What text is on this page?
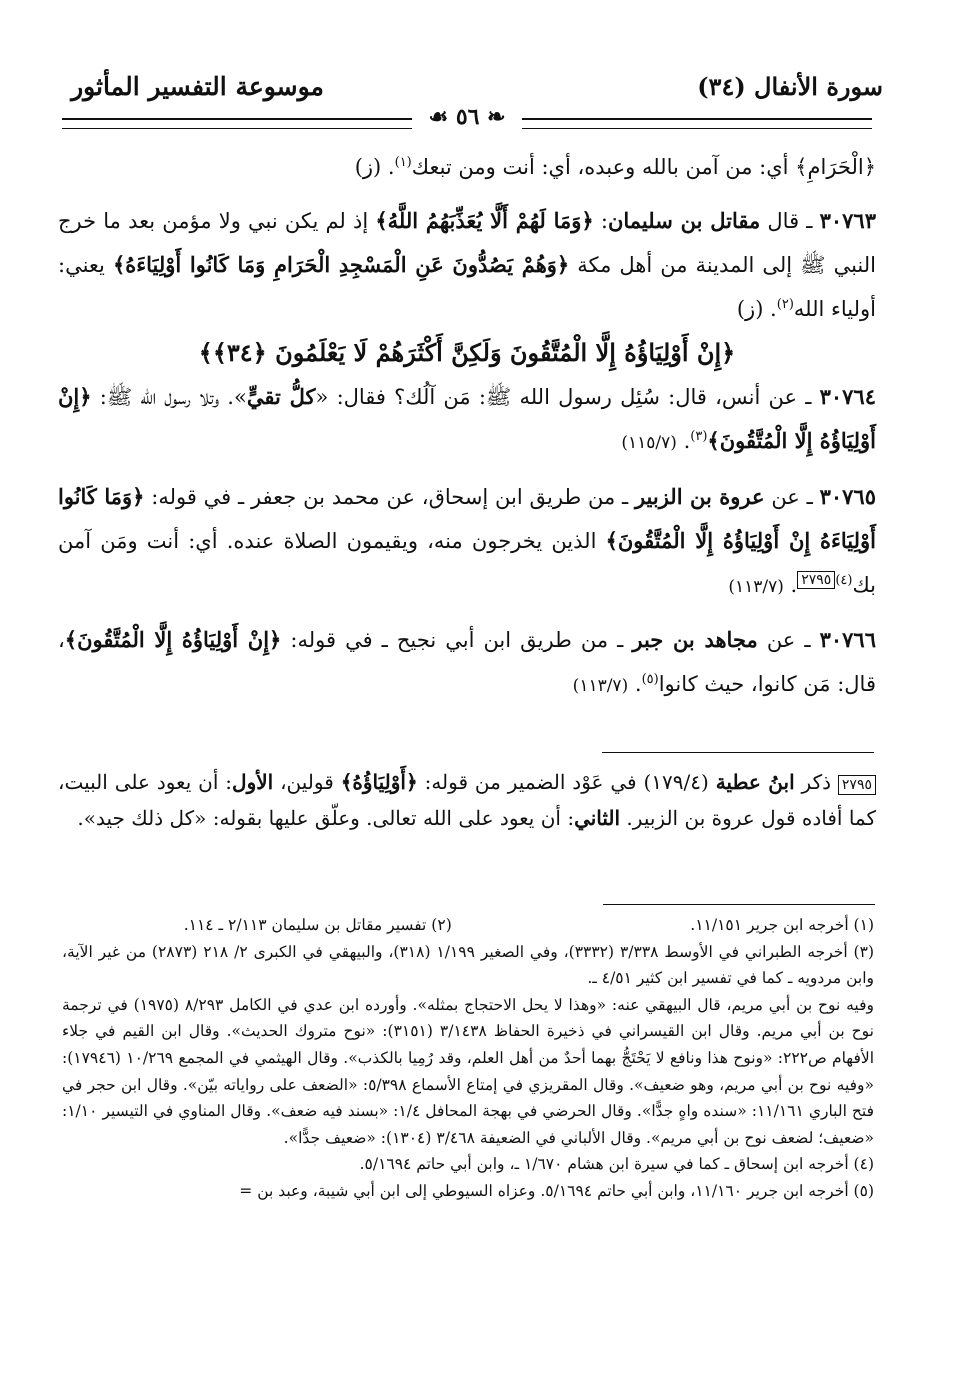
موسوعة التفسير المأثور	سورة الأنفال (٣٤)
❧ ٥٦ ☙

﴿الْحَرَامِ﴾ أي: من آمن بالله وعبده، أي: أنت ومن تبعك$^{(١)}$. (ز)

٣٠٧٦٣ ـ قال مقاتل بن سليمان: ﴿وَمَا لَهُمْ أَلَّا يُعَذِّبَهُمُ اللَّهُ﴾ إذ لم يكن نبي ولا مؤمن بعد ما خرج النبي ﷺ إلى المدينة من أهل مكة ﴿وَهُمْ يَصُدُّونَ عَنِ الْمَسْجِدِ الْحَرَامِ وَمَا كَانُوا أَوْلِيَاءَهُ﴾ يعني: أولياء الله$^{(٢)}$. (ز)

﴿إِنْ أَوْلِيَاؤُهُ إِلَّا الْمُتَّقُونَ وَلَكِنَّ أَكْثَرَهُمْ لَا يَعْلَمُونَ ﴿٣٤﴾﴾

٣٠٧٦٤ ـ عن أنس، قال: سُئِل رسول الله ﷺ: مَن آلُك؟ فقال: «كلُّ تقيٍّ». وتلا رسول الله ﷺ: ﴿إِنْ أَوْلِيَاؤُهُ إِلَّا الْمُتَّقُونَ﴾$^{(٣)}$. (١١٥/٧)

٣٠٧٦٥ ـ عن عروة بن الزبير ـ من طريق ابن إسحاق، عن محمد بن جعفر ـ في قوله: ﴿وَمَا كَانُوا أَوْلِيَاءَهُ إِنْ أَوْلِيَاؤُهُ إِلَّا الْمُتَّقُونَ﴾ الذين يخرجون منه، ويقيمون الصلاة عنده. أي: أنت ومَن آمن بك$^{(٤)}$٢٧٩٥. (١١٣/٧)

٣٠٧٦٦ ـ عن مجاهد بن جبر ـ من طريق ابن أبي نجيح ـ في قوله: ﴿إِنْ أَوْلِيَاؤُهُ إِلَّا الْمُتَّقُونَ﴾، قال: مَن كانوا، حيث كانوا$^{(٥)}$. (١١٣/٧)

٢٧٩٥ ذكر ابنُ عطية (١٧٩/٤) في عَوْد الضمير من قوله: ﴿أَوْلِيَاؤُهُ﴾ قولين، الأول: أن يعود على البيت، كما أفاده قول عروة بن الزبير. الثاني: أن يعود على الله تعالى. وعلّق عليها بقوله: «كل ذلك جيد».

(١) أخرجه ابن جرير ١١/١٥١.
(٢) تفسير مقاتل بن سليمان ٢/١١٣ ـ ١١٤.

(٣) أخرجه الطبراني في الأوسط ٣/٣٣٨ (٣٣٣٢)، وفي الصغير ١/١٩٩ (٣١٨)، والبيهقي في الكبرى ٢/ ٢١٨ (٢٨٧٣) من غير الآية، وابن مردويه ـ كما في تفسير ابن كثير ٤/٥١ ـ.

وفيه نوح بن أبي مريم، قال البيهقي عنه: «وهذا لا يحل الاحتجاج بمثله». وأورده ابن عدي في الكامل ٨/٢٩٣ (١٩٧٥) في ترجمة نوح بن أبي مريم. وقال ابن القيسراني في ذخيرة الحفاظ ٣/١٤٣٨ (٣١٥١): «نوح متروك الحديث». وقال ابن القيم في جلاء الأفهام ص٢٢٢: «ونوح هذا ونافع لا يَحْتَجُّ بهما أحدٌ من أهل العلم، وقد رُمِيا بالكذب». وقال الهيثمي في المجمع ١٠/٢٦٩ (١٧٩٤٦): «وفيه نوح بن أبي مريم، وهو ضعيف». وقال المقريزي في إمتاع الأسماع ٥/٣٩٨: «الضعف على رواياته بيّن». وقال ابن حجر في فتح الباري ١١/١٦١: «سنده واهٍ جدًّا». وقال الحرضي في بهجة المحافل ١/٤: «بسند فيه ضعف». وقال المناوي في التيسير ١/١٠: «ضعيف؛ لضعف نوح بن أبي مريم». وقال الألباني في الضعيفة ٣/٤٦٨ (١٣٠٤): «ضعيف جدًّا».

(٤) أخرجه ابن إسحاق ـ كما في سيرة ابن هشام ١/٦٧٠ ـ، وابن أبي حاتم ٥/١٦٩٤.

(٥) أخرجه ابن جرير ١١/١٦٠، وابن أبي حاتم ٥/١٦٩٤. وعزاه السيوطي إلى ابن أبي شيبة، وعبد بن =
